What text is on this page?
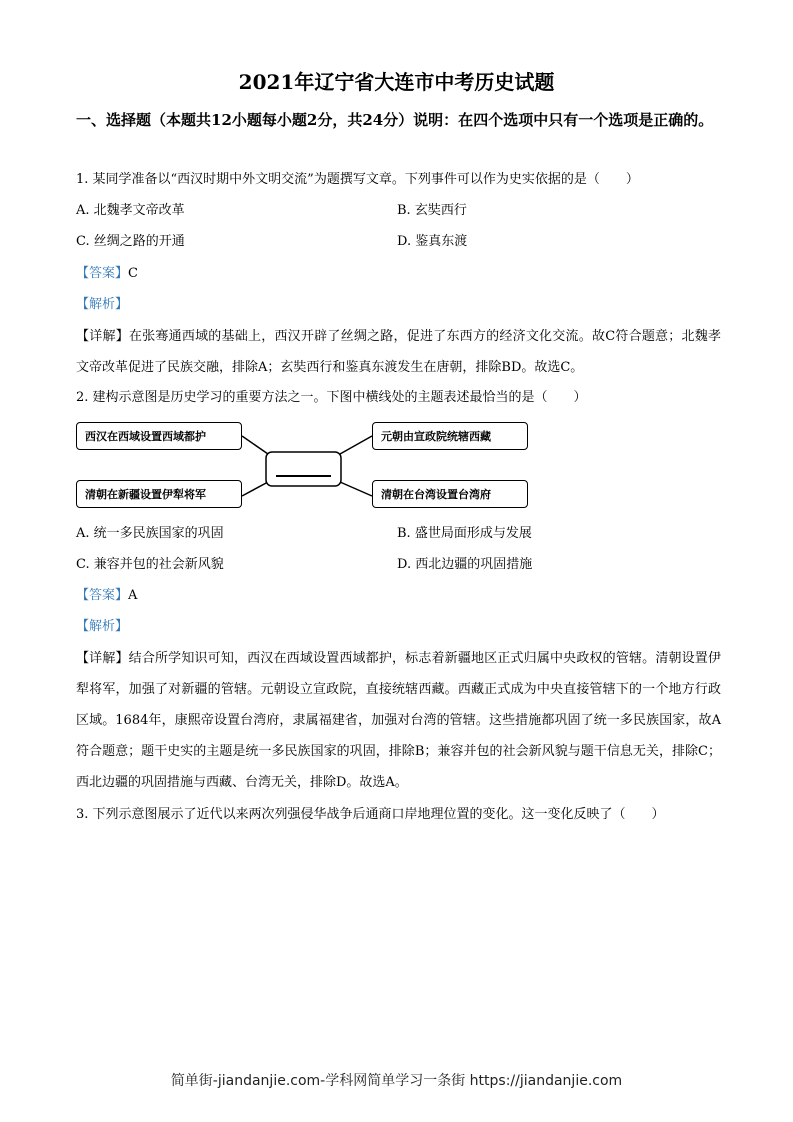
2021年辽宁省大连市中考历史试题
一、选择题（本题共12小题每小题2分，共24分）说明：在四个选项中只有一个选项是正确的。
1. 某同学准备以“西汉时期中外文明交流”为题撰写文章。下列事件可以作为史实依据的是（　　）
A. 北魏孝文帝改革	B. 玄奘西行
C. 丝绸之路的开通	D. 鉴真东渡
【答案】C
【解析】
【详解】在张骞通西域的基础上，西汉开辟了丝绸之路，促进了东西方的经济文化交流。故C符合题意；北魏孝文帝改革促进了民族交融，排除A；玄奘西行和鉴真东渡发生在唐朝，排除BD。故选C。
2. 建构示意图是历史学习的重要方法之一。下图中横线处的主题表述最恰当的是（　　）
西汉在西域设置西域都护	元朝由宣政院统辖西藏
清朝在新疆设置伊犁将军	清朝在台湾设置台湾府
A. 统一多民族国家的巩固	B. 盛世局面形成与发展
C. 兼容并包的社会新风貌	D. 西北边疆的巩固措施
【答案】A
【解析】
【详解】结合所学知识可知，西汉在西域设置西域都护，标志着新疆地区正式归属中央政权的管辖。清朝设置伊犁将军，加强了对新疆的管辖。元朝设立宣政院，直接统辖西藏。西藏正式成为中央直接管辖下的一个地方行政区域。1684年，康熙帝设置台湾府，隶属福建省，加强对台湾的管辖。这些措施都巩固了统一多民族国家，故A符合题意；题干史实的主题是统一多民族国家的巩固，排除B；兼容并包的社会新风貌与题干信息无关，排除C；西北边疆的巩固措施与西藏、台湾无关，排除D。故选A。
3. 下列示意图展示了近代以来两次列强侵华战争后通商口岸地理位置的变化。这一变化反映了（　　）
简单街-jiandanjie.com-学科网简单学习一条街 https://jiandanjie.com
